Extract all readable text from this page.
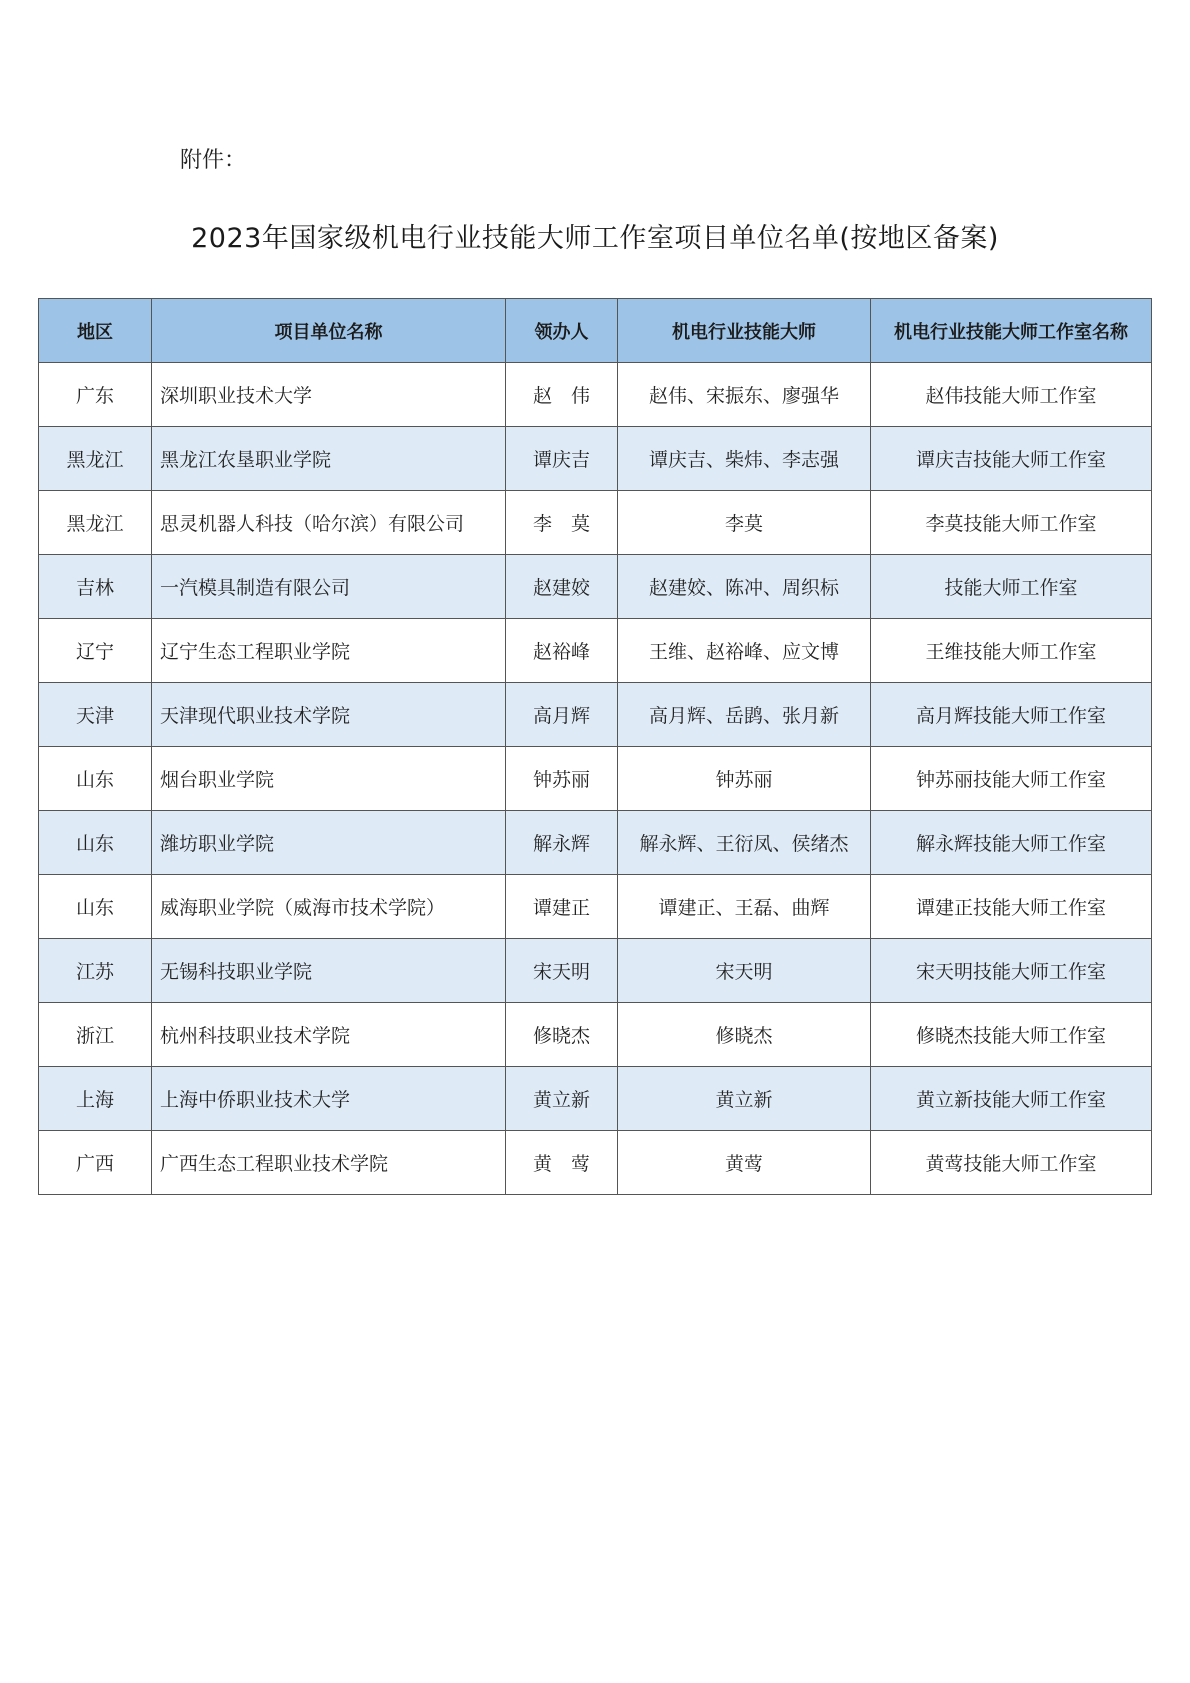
附件：
2023年国家级机电行业技能大师工作室项目单位名单(按地区备案)
地区	项目单位名称	领办人	机电行业技能大师	机电行业技能大师工作室名称
广东	深圳职业技术大学	赵　伟	赵伟、宋振东、廖强华	赵伟技能大师工作室
黑龙江	黑龙江农垦职业学院	谭庆吉	谭庆吉、柴炜、李志强	谭庆吉技能大师工作室
黑龙江	思灵机器人科技（哈尔滨）有限公司	李　莫	李莫	李莫技能大师工作室
吉林	一汽模具制造有限公司	赵建姣	赵建姣、陈冲、周织标	技能大师工作室
辽宁	辽宁生态工程职业学院	赵裕峰	王维、赵裕峰、应文博	王维技能大师工作室
天津	天津现代职业技术学院	高月辉	高月辉、岳鹍、张月新	高月辉技能大师工作室
山东	烟台职业学院	钟苏丽	钟苏丽	钟苏丽技能大师工作室
山东	潍坊职业学院	解永辉	解永辉、王衍凤、侯绪杰	解永辉技能大师工作室
山东	威海职业学院（威海市技术学院）	谭建正	谭建正、王磊、曲辉	谭建正技能大师工作室
江苏	无锡科技职业学院	宋天明	宋天明	宋天明技能大师工作室
浙江	杭州科技职业技术学院	修晓杰	修晓杰	修晓杰技能大师工作室
上海	上海中侨职业技术大学	黄立新	黄立新	黄立新技能大师工作室
广西	广西生态工程职业技术学院	黄　莺	黄莺	黄莺技能大师工作室
